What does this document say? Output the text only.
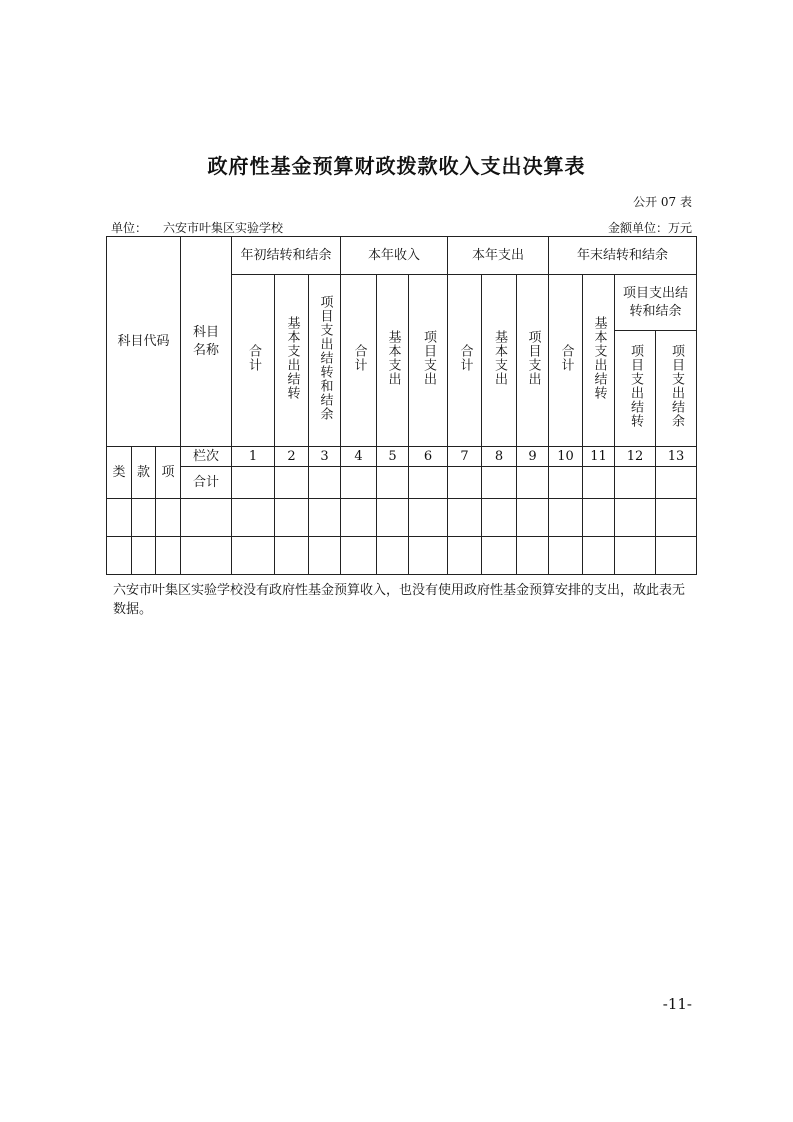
政府性基金预算财政拨款收入支出决算表
公开 07 表
单位： 六安市叶集区实验学校	金额单位：万元
科目代码			科目名称	年初结转和结余			本年收入			本年支出			年末结转和结余			
				合计	基本支出结转	项目支出结转和结余	合计	基本支出	项目支出	合计	基本支出	项目支出	合计	基本支出结转	项目支出结转和结余	
															项目支出结转	项目支出结余

类	款	项	栏次	1	2	3	4	5	6	7	8	9	10	11	12	13
			合计													

六安市叶集区实验学校没有政府性基金预算收入，也没有使用政府性基金预算安排的支出，故此表无数据。
-11-
